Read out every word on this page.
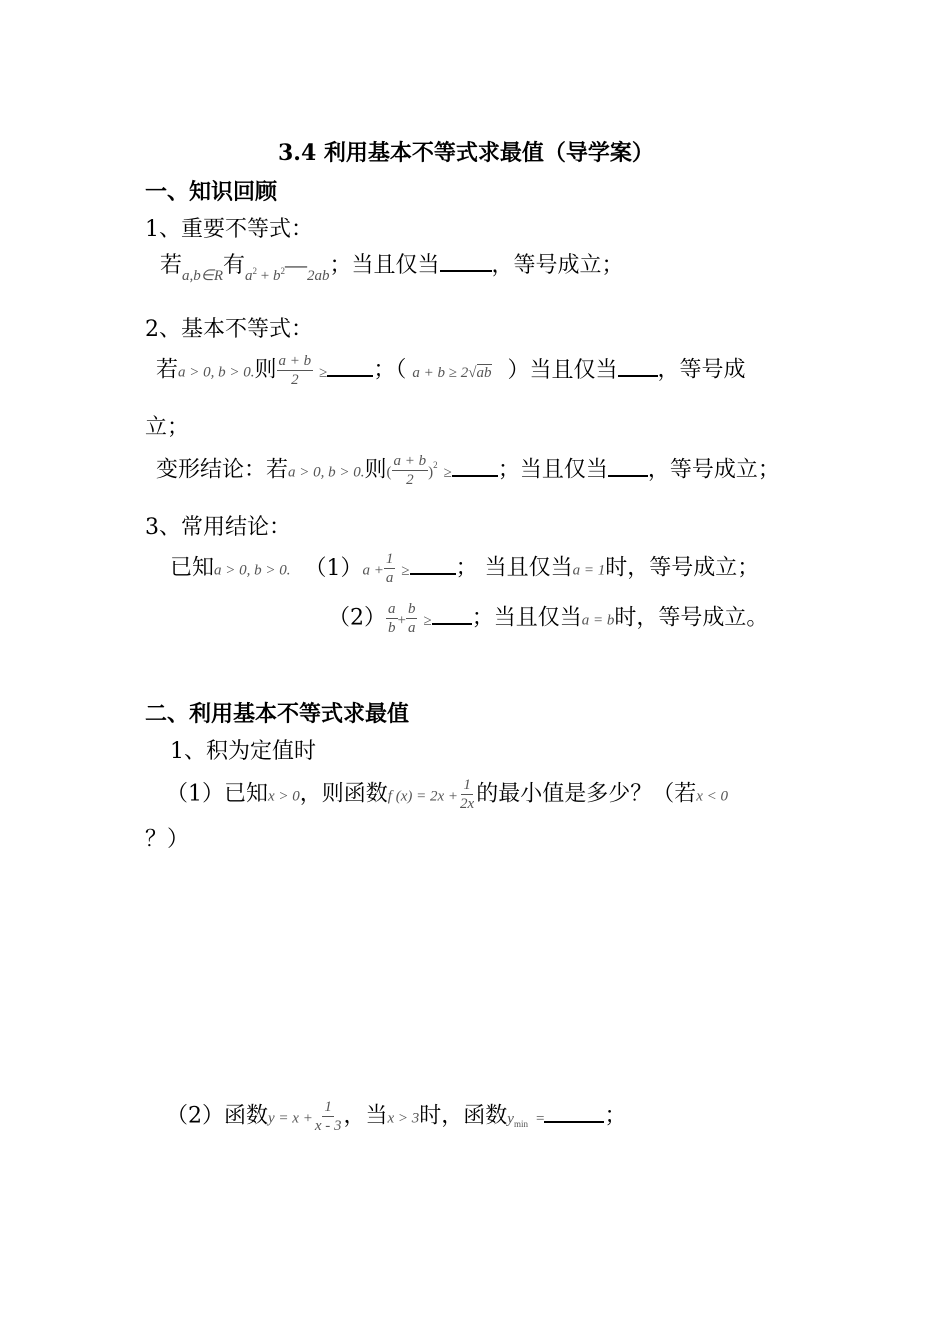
3.4 利用基本不等式求最值（导学案）
一、知识回顾
1、重要不等式：
若$_{a,b\in R}$有$_{a^2 + b^2}—_{2ab}$；当且仅当 ，等号成立；
2、基本不等式：
若a > 0, b > 0.则 $\frac{a + b}{2}$ ≥ ；（ a + b ≥ 2√ab ）当且仅当 ，等号成
立；
变形结论：若a > 0, b > 0.则( $\frac{a + b}{2} )^2$ ≥ ；当且仅当 ，等号成立；
3、常用结论：
已知a > 0, b > 0. $(1)a + \frac{1}{a}$ ≥ ； 当且仅当a = 1时，等号成立；
$(2) \frac{a}{b} + \frac{b}{a}$ ≥ ；当且仅当a = b时，等号成立。
二、利用基本不等式求最值
1、积为定值时
（1）已知x > 0，则函数f $(x) = 2x + \frac{1}{2x}$ 的最小值是多少？（若x < 0
？）
（2）函数$y = x + \frac{1}{x - 3}$ ，当x > 3时，函数$y_{min}$ =	；
